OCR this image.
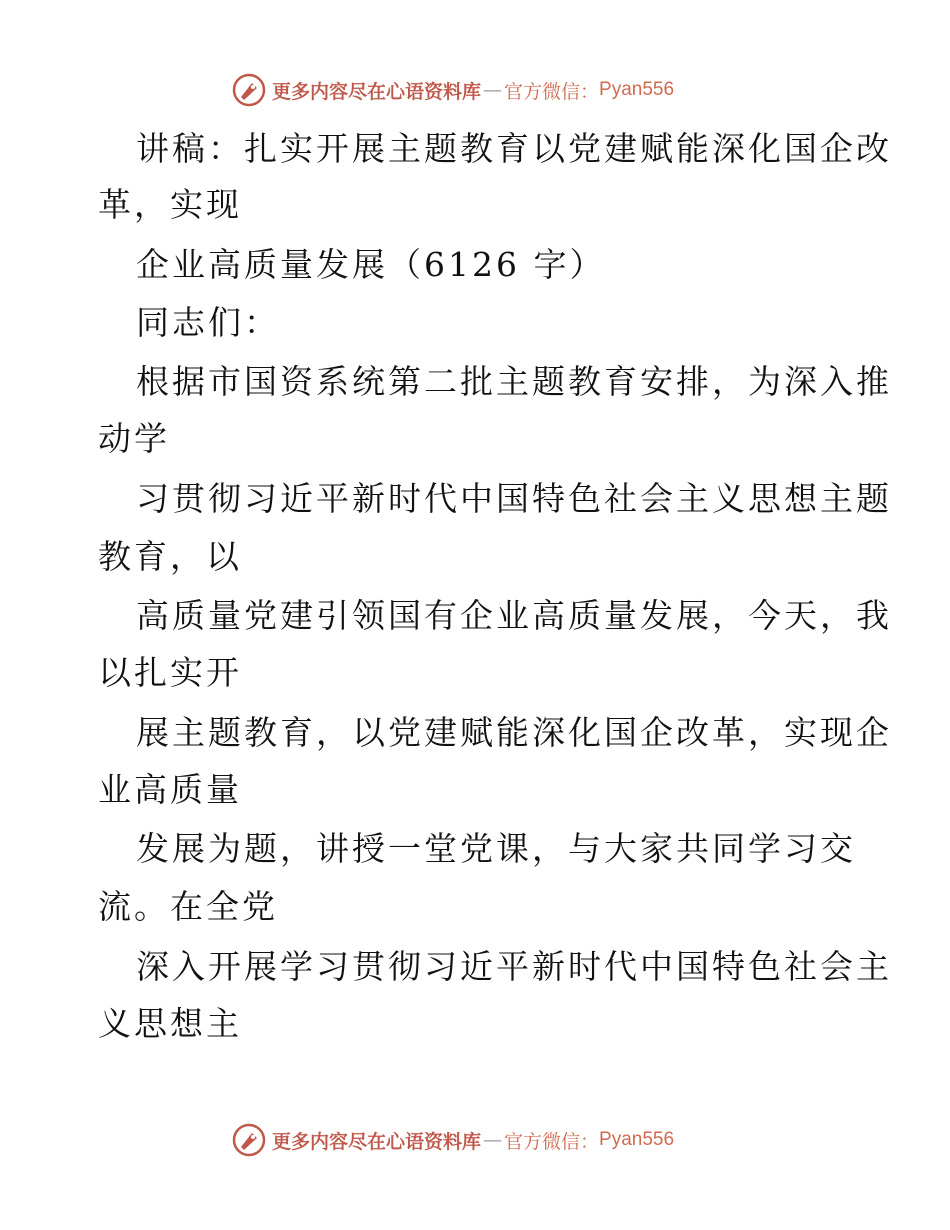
更多内容尽在心语资料库 — 官方微信： Pyan556
讲稿：扎实开展主题教育以党建赋能深化国企改
革，实现
企业高质量发展（6126 字）
同志们：
根据市国资系统第二批主题教育安排，为深入推
动学
习贯彻习近平新时代中国特色社会主义思想主题
教育，以
高质量党建引领国有企业高质量发展，今天，我
以扎实开
展主题教育，以党建赋能深化国企改革，实现企
业高质量
发展为题，讲授一堂党课，与大家共同学习交
流。在全党
深入开展学习贯彻习近平新时代中国特色社会主
义思想主
更多内容尽在心语资料库 — 官方微信： Pyan556
